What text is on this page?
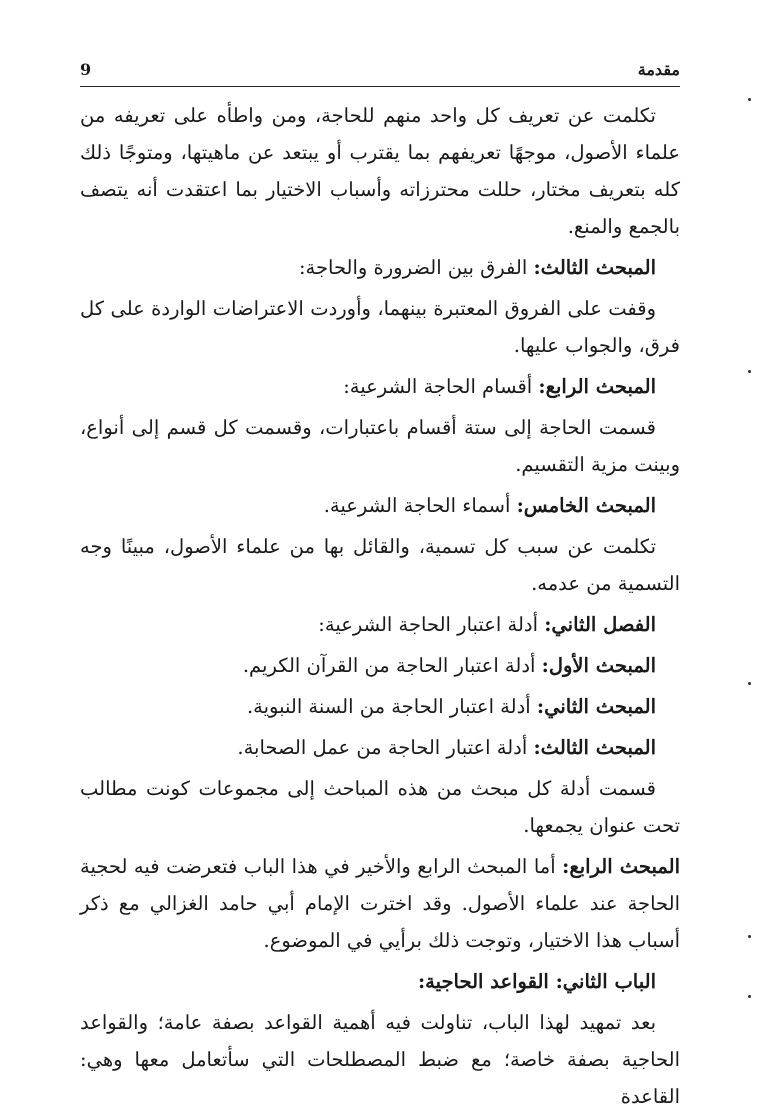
مقدمة
9

تكلمت عن تعريف كل واحد منهم للحاجة، ومن واطأه على تعريفه من علماء الأصول، موجهًا تعريفهم بما يقترب أو يبتعد عن ماهيتها، ومتوجًا ذلك كله بتعريف مختار، حللت محترزاته وأسباب الاختيار بما اعتقدت أنه يتصف بالجمع والمنع.

المبحث الثالث: الفرق بين الضرورة والحاجة:

وقفت على الفروق المعتبرة بينهما، وأوردت الاعتراضات الواردة على كل فرق، والجواب عليها.

المبحث الرابع: أقسام الحاجة الشرعية:

قسمت الحاجة إلى ستة أقسام باعتبارات، وقسمت كل قسم إلى أنواع، وبينت مزية التقسيم.

المبحث الخامس: أسماء الحاجة الشرعية.

تكلمت عن سبب كل تسمية، والقائل بها من علماء الأصول، مبينًا وجه التسمية من عدمه.

الفصل الثاني: أدلة اعتبار الحاجة الشرعية:

المبحث الأول: أدلة اعتبار الحاجة من القرآن الكريم.

المبحث الثاني: أدلة اعتبار الحاجة من السنة النبوية.

المبحث الثالث: أدلة اعتبار الحاجة من عمل الصحابة.

قسمت أدلة كل مبحث من هذه المباحث إلى مجموعات كونت مطالب تحت عنوان يجمعها.

المبحث الرابع: أما المبحث الرابع والأخير في هذا الباب فتعرضت فيه لحجية الحاجة عند علماء الأصول. وقد اخترت الإمام أبي حامد الغزالي مع ذكر أسباب هذا الاختيار، وتوجت ذلك برأيي في الموضوع.

الباب الثاني: القواعد الحاجية:

بعد تمهيد لهذا الباب، تناولت فيه أهمية القواعد بصفة عامة؛ والقواعد الحاجية بصفة خاصة؛ مع ضبط المصطلحات التي سأتعامل معها وهي: القاعدة
